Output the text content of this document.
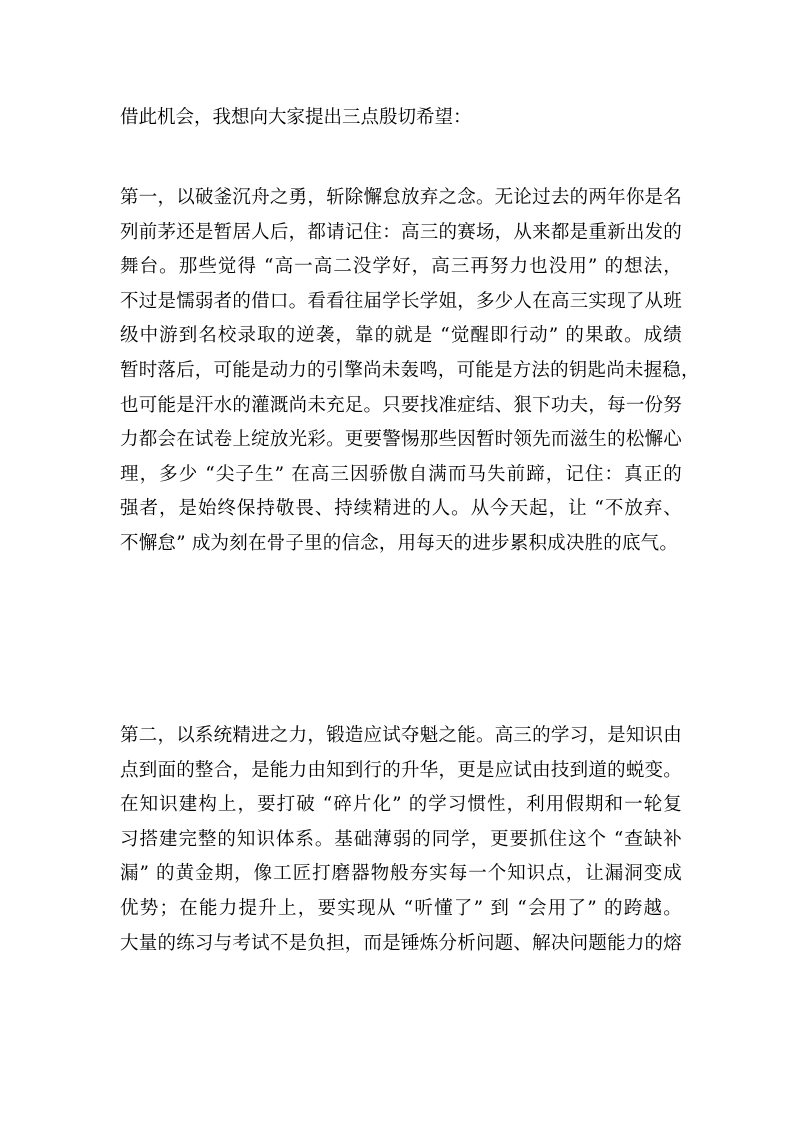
借此机会，我想向大家提出三点殷切希望：
第一，以破釜沉舟之勇，斩除懈怠放弃之念。无论过去的两年你是名
列前茅还是暂居人后，都请记住：高三的赛场，从来都是重新出发的
舞台。那些觉得 “高一高二没学好，高三再努力也没用” 的想法，
不过是懦弱者的借口。看看往届学长学姐，多少人在高三实现了从班
级中游到名校录取的逆袭，靠的就是 “觉醒即行动” 的果敢。成绩
暂时落后，可能是动力的引擎尚未轰鸣，可能是方法的钥匙尚未握稳，
也可能是汗水的灌溉尚未充足。只要找准症结、狠下功夫，每一份努
力都会在试卷上绽放光彩。更要警惕那些因暂时领先而滋生的松懈心
理，多少 “尖子生” 在高三因骄傲自满而马失前蹄，记住：真正的
强者，是始终保持敬畏、持续精进的人。从今天起，让 “不放弃、
不懈怠” 成为刻在骨子里的信念，用每天的进步累积成决胜的底气。
第二，以系统精进之力，锻造应试夺魁之能。高三的学习，是知识由
点到面的整合，是能力由知到行的升华，更是应试由技到道的蜕变。
在知识建构上，要打破 “碎片化” 的学习惯性，利用假期和一轮复
习搭建完整的知识体系。基础薄弱的同学，更要抓住这个 “查缺补
漏” 的黄金期，像工匠打磨器物般夯实每一个知识点，让漏洞变成
优势；在能力提升上，要实现从 “听懂了” 到 “会用了” 的跨越。
大量的练习与考试不是负担，而是锤炼分析问题、解决问题能力的熔
